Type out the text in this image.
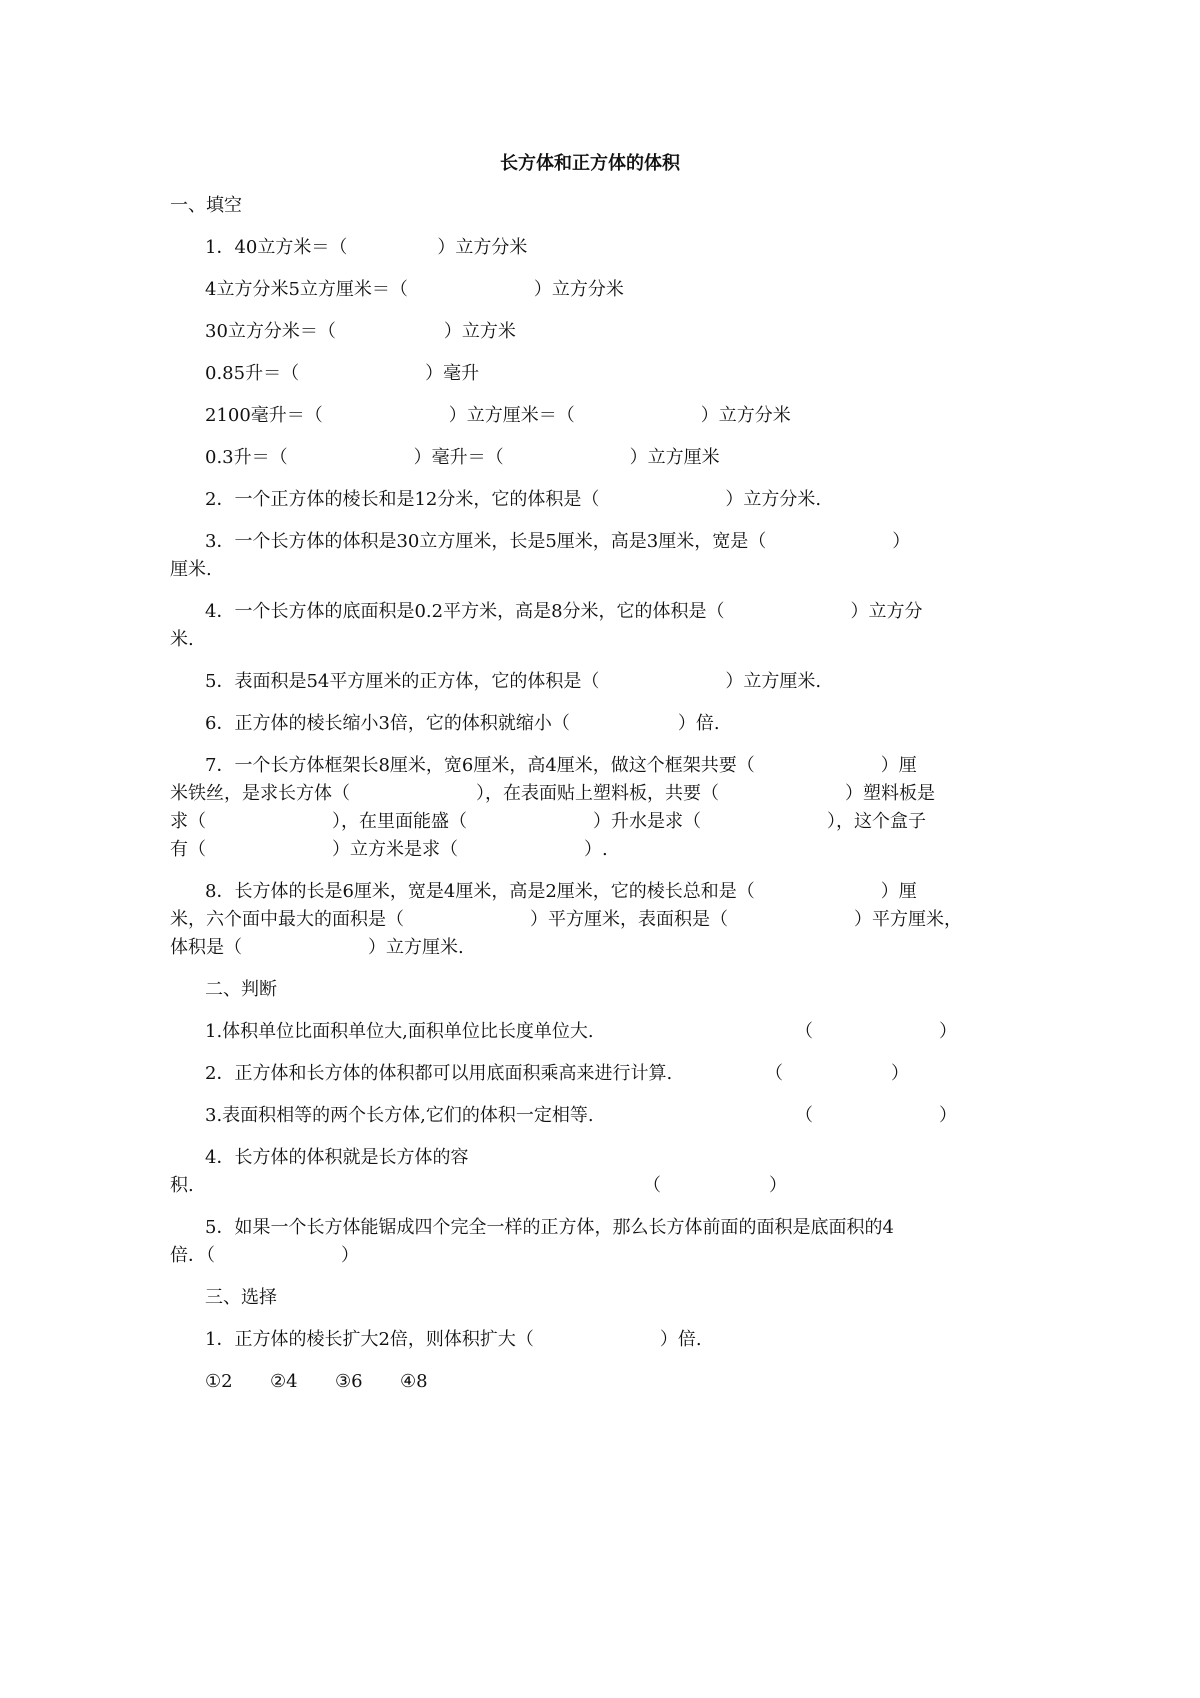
长方体和正方体的体积
一、填空
1．40立方米＝（　　　　　）立方分米
4立方分米5立方厘米＝（　　　　　　　）立方分米
30立方分米＝（　　　　　　）立方米
0.85升＝（　　　　　　　）毫升
2100毫升＝（　　　　　　　）立方厘米＝（　　　　　　　）立方分米
0.3升＝（　　　　　　　）毫升＝（　　　　　　　）立方厘米
2．一个正方体的棱长和是12分米，它的体积是（　　　　　　　）立方分米.
3．一个长方体的体积是30立方厘米，长是5厘米，高是3厘米，宽是（　　　　　　　）
厘米.
4．一个长方体的底面积是0.2平方米，高是8分米，它的体积是（　　　　　　　）立方分
米.
5．表面积是54平方厘米的正方体，它的体积是（　　　　　　　）立方厘米.
6．正方体的棱长缩小3倍，它的体积就缩小（　　　　　　）倍.
7．一个长方体框架长8厘米，宽6厘米，高4厘米，做这个框架共要（　　　　　　　）厘
米铁丝，是求长方体（　　　　　　　），在表面贴上塑料板，共要（　　　　　　　）塑料板是
求（　　　　　　　），在里面能盛（　　　　　　　）升水是求（　　　　　　　），这个盒子
有（　　　　　　　）立方米是求（　　　　　　　）.
8．长方体的长是6厘米，宽是4厘米，高是2厘米，它的棱长总和是（　　　　　　　）厘
米，六个面中最大的面积是（　　　　　　　）平方厘米，表面积是（　　　　　　　）平方厘米，
体积是（　　　　　　　）立方厘米.
二、判断
1.体积单位比面积单位大,面积单位比长度单位大.	（　　　　　　　）
2．正方体和长方体的体积都可以用底面积乘高来进行计算.	（　　　　　　）
3.表面积相等的两个长方体,它们的体积一定相等.	（　　　　　　　）
4．长方体的体积就是长方体的容
积.	（　　　　　　）
5．如果一个长方体能锯成四个完全一样的正方体，那么长方体前面的面积是底面积的4
倍．（　　　　　　　）
三、选择
1．正方体的棱长扩大2倍，则体积扩大（　　　　　　　）倍.
①2 ②4 ③6 ④8
